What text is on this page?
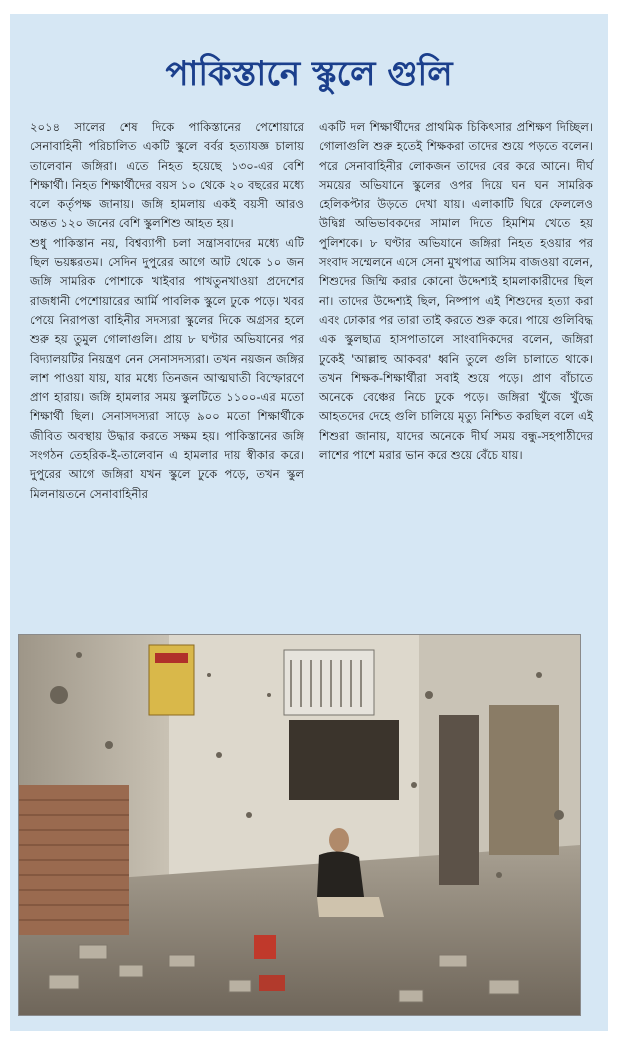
পাকিস্তানে স্কুলে গুলি

২০১৪ সালের শেষ দিকে পাকিস্তানের পেশোয়ারে সেনাবাহিনী পরিচালিত একটি স্কুলে বর্বর হত্যাযজ্ঞ চালায় তালেবান জঙ্গিরা। এতে নিহত হয়েছে ১৩০-এর বেশি শিক্ষার্থী। নিহত শিক্ষার্থীদের বয়স ১০ থেকে ২০ বছরের মধ্যে বলে কর্তৃপক্ষ জানায়। জঙ্গি হামলায় একই বয়সী আরও অন্তত ১২০ জনের বেশি স্কুলশিশু আহত হয়।

শুধু পাকিস্তান নয়, বিশ্বব্যাপী চলা সন্ত্রাসবাদের মধ্যে এটি ছিল ভয়ঙ্করতম। সেদিন দুপুরের আগে আট থেকে ১০ জন জঙ্গি সামরিক পোশাকে খাইবার পাখতুনখাওয়া প্রদেশের রাজধানী পেশোয়ারের আর্মি পাবলিক স্কুলে ঢুকে পড়ে। খবর পেয়ে নিরাপত্তা বাহিনীর সদস্যরা স্কুলের দিকে অগ্রসর হলে শুরু হয় তুমুল গোলাগুলি। প্রায় ৮ ঘণ্টার অভিযানের পর বিদ্যালয়টির নিয়ন্ত্রণ নেন সেনাসদস্যরা। তখন নয়জন জঙ্গির লাশ পাওয়া যায়, যার মধ্যে তিনজন আত্মঘাতী বিস্ফোরণে প্রাণ হারায়। জঙ্গি হামলার সময় স্কুলটিতে ১১০০-এর মতো শিক্ষার্থী ছিল। সেনাসদস্যরা সাড়ে ৯০০ মতো শিক্ষার্থীকে জীবিত অবস্থায় উদ্ধার করতে সক্ষম হয়। পাকিস্তানের জঙ্গি সংগঠন তেহরিক-ই-তালেবান এ হামলার দায় স্বীকার করে। দুপুরের আগে জঙ্গিরা যখন স্কুলে ঢুকে পড়ে, তখন স্কুল মিলনায়তনে সেনাবাহিনীর

একটি দল শিক্ষার্থীদের প্রাথমিক চিকিৎসার প্রশিক্ষণ দিচ্ছিল। গোলাগুলি শুরু হতেই শিক্ষকরা তাদের শুয়ে পড়তে বলেন। পরে সেনাবাহিনীর লোকজন তাদের বের করে আনে। দীর্ঘ সময়ের অভিযানে স্কুলের ওপর দিয়ে ঘন ঘন সামরিক হেলিকপ্টার উড়তে দেখা যায়। এলাকাটি ঘিরে ফেললেও উদ্বিগ্ন অভিভাবকদের সামাল দিতে হিমশিম খেতে হয় পুলিশকে। ৮ ঘণ্টার অভিযানে জঙ্গিরা নিহত হওয়ার পর সংবাদ সম্মেলনে এসে সেনা মুখপাত্র আসিম বাজওয়া বলেন, শিশুদের জিম্মি করার কোনো উদ্দেশ্যই হামলাকারীদের ছিল না। তাদের উদ্দেশ্যই ছিল, নিষ্পাপ এই শিশুদের হত্যা করা এবং ঢোকার পর তারা তাই করতে শুরু করে। পায়ে গুলিবিদ্ধ এক স্কুলছাত্র হাসপাতালে সাংবাদিকদের বলেন, জঙ্গিরা ঢুকেই 'আল্লাহু আকবর' ধ্বনি তুলে গুলি চালাতে থাকে। তখন শিক্ষক-শিক্ষার্থীরা সবাই শুয়ে পড়ে। প্রাণ বাঁচাতে অনেকে বেঞ্চের নিচে ঢুকে পড়ে। জঙ্গিরা খুঁজে খুঁজে আহতদের দেহে গুলি চালিয়ে মৃত্যু নিশ্চিত করছিল বলে এই শিশুরা জানায়, যাদের অনেকে দীর্ঘ সময় বন্ধু-সহপাঠীদের লাশের পাশে মরার ভান করে শুয়ে বেঁচে যায়।
